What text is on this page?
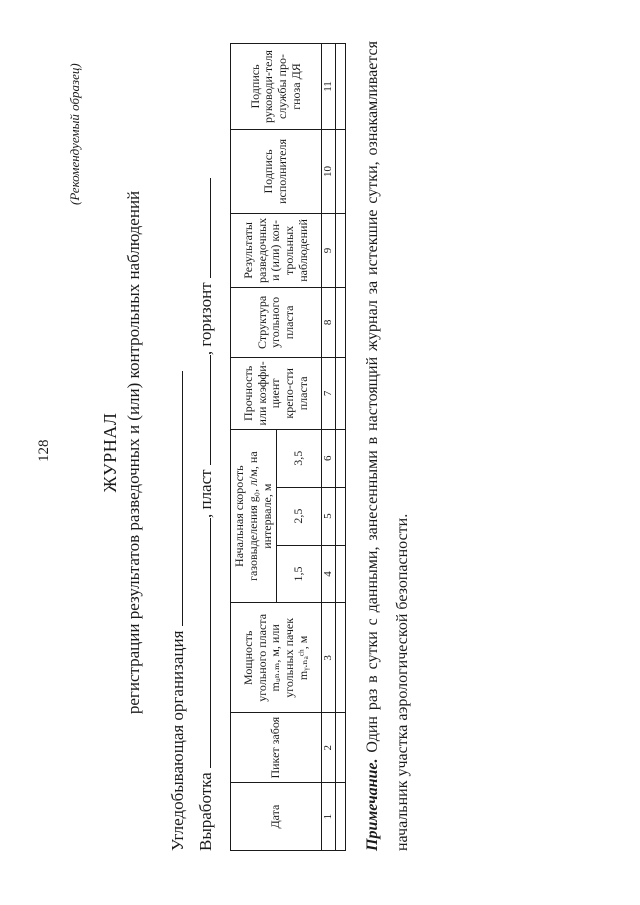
128
(Рекомендуемый образец)
ЖУРНАЛ регистрации результатов разведочных и (или) контрольных наблюдений
Угледобывающая организация Выработка , пласт , горизонт
Дата	Пикет забоя	Мощность угольного пласта mᵤₙ.ₘ, м, или угольных пачек mᵧ.ₙₐᶜʰ, м	Начальная скорость газовыделения g₀, л/м, на интервале, м			Прочность или коэффи-циент крепо-сти пласта	Структура угольного пласта	Результаты разведочных и (или) кон-трольных наблюдений	Подпись исполнителя	Подпись руководи-теля службы про-гноза ДЯ
			1,5	2,5	3,5					
1	2	3	4	5	6	7	8	9	10	11

Примечание. Один раз в сутки с данными, занесенными в настоящий журнал за истекшие сутки, ознакамливается начальник участка аэрологической безопасности.
